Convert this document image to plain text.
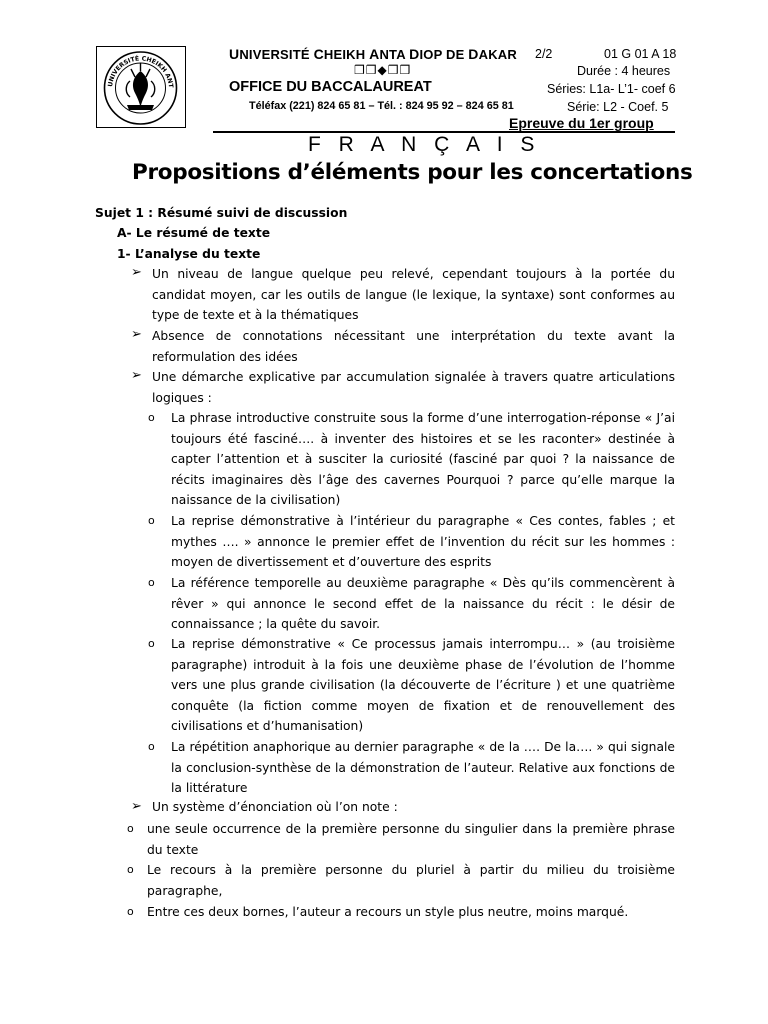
UNIVERSITÉ CHEIKH ANT
UNIVERSITÉ CHEIKH ANTA DIOP DE DAKAR
❒❒◆❒❒
OFFICE DU BACCALAUREAT
Téléfax (221) 824 65 81 – Tél. : 824 95 92 – 824 65 81
2/2	01 G 01 A 18
Durée : 4 heures
Séries: L1a- L’1- coef 6
Série: L2 - Coef. 5
Epreuve du 1er group
F R A N Ç A I S
Propositions d’éléments pour les concertations
Sujet 1 : Résumé suivi de discussion
A- Le résumé de texte
1- L’analyse du texte
➢ Un niveau de langue quelque peu relevé, cependant toujours à la portée du candidat moyen, car les outils de langue (le lexique, la syntaxe) sont conformes au type de texte et à la thématiques
➢ Absence de connotations nécessitant une interprétation du texte avant la reformulation des idées
➢ Une démarche explicative par accumulation signalée à travers quatre articulations logiques :
o La phrase introductive construite sous la forme d’une interrogation-réponse « J’ai toujours été fasciné…. à inventer des histoires et se les raconter» destinée à capter l’attention et à susciter la curiosité (fasciné par quoi ? la naissance de récits imaginaires dès l’âge des cavernes Pourquoi ? parce qu’elle marque la naissance de la civilisation)
o La reprise démonstrative à l’intérieur du paragraphe « Ces contes, fables ; et mythes …. » annonce le premier effet de l’invention du récit sur les hommes : moyen de divertissement et d’ouverture des esprits
o La référence temporelle au deuxième paragraphe « Dès qu’ils commencèrent à rêver » qui annonce le second effet de la naissance du récit : le désir de connaissance ; la quête du savoir.
o La reprise démonstrative « Ce processus jamais interrompu… » (au troisième paragraphe) introduit à la fois une deuxième phase de l’évolution de l’homme vers une plus grande civilisation (la découverte de l’écriture ) et une quatrième conquête (la fiction comme moyen de fixation et de renouvellement des civilisations et d’humanisation)
o La répétition anaphorique au dernier paragraphe « de la …. De la…. » qui signale la conclusion-synthèse de la démonstration de l’auteur. Relative aux fonctions de la littérature
➢ Un système d’énonciation où l’on note :
o une seule occurrence de la première personne du singulier dans la première phrase du texte
o Le recours à la première personne du pluriel à partir du milieu du troisième paragraphe,
o Entre ces deux bornes, l’auteur a recours un style plus neutre, moins marqué.
